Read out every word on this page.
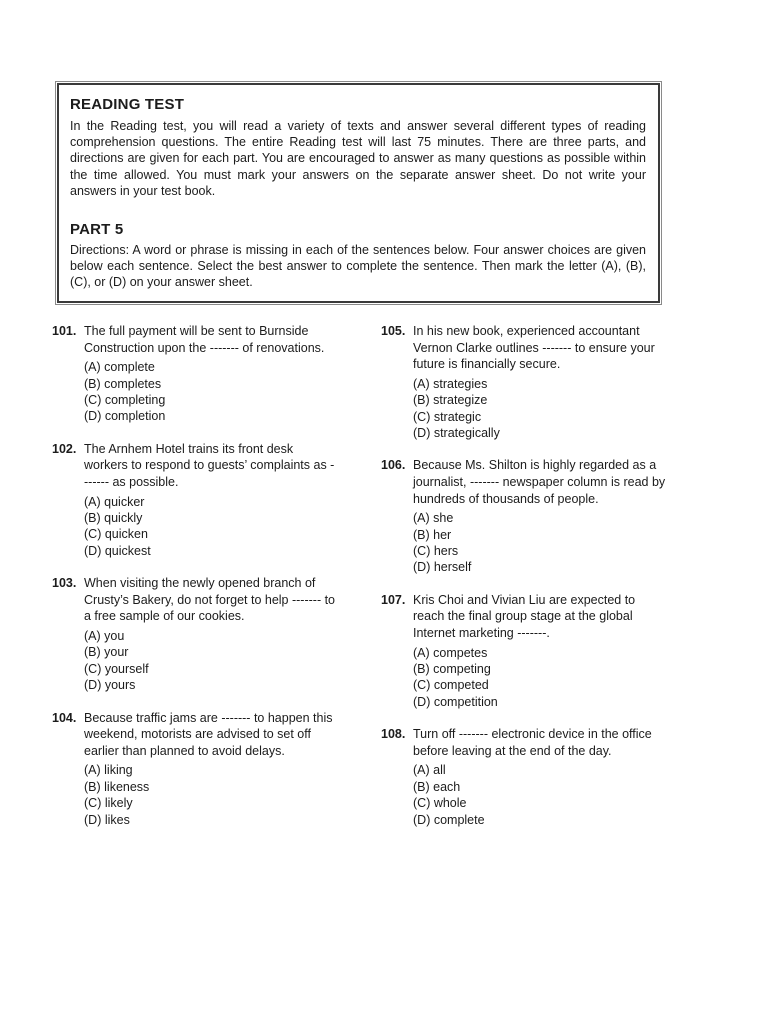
READING TEST

In the Reading test, you will read a variety of texts and answer several different types of reading comprehension questions. The entire Reading test will last 75 minutes. There are three parts, and directions are given for each part. You are encouraged to answer as many questions as possible within the time allowed. You must mark your answers on the separate answer sheet. Do not write your answers in your test book.

PART 5

Directions: A word or phrase is missing in each of the sentences below. Four answer choices are given below each sentence. Select the best answer to complete the sentence. Then mark the letter (A), (B), (C), or (D) on your answer sheet.

101. The full payment will be sent to Burnside Construction upon the ------- of renovations.
(A) complete
(B) completes
(C) completing
(D) completion
102. The Arnhem Hotel trains its front desk workers to respond to guests’ complaints as ------- as possible.
(A) quicker
(B) quickly
(C) quicken
(D) quickest
103. When visiting the newly opened branch of Crusty’s Bakery, do not forget to help ------- to a free sample of our cookies.
(A) you
(B) your
(C) yourself
(D) yours
104. Because traffic jams are ------- to happen this weekend, motorists are advised to set off earlier than planned to avoid delays.
(A) liking
(B) likeness
(C) likely
(D) likes
105. In his new book, experienced accountant Vernon Clarke outlines ------- to ensure your future is financially secure.
(A) strategies
(B) strategize
(C) strategic
(D) strategically
106. Because Ms. Shilton is highly regarded as a journalist, ------- newspaper column is read by hundreds of thousands of people.
(A) she
(B) her
(C) hers
(D) herself
107. Kris Choi and Vivian Liu are expected to reach the final group stage at the global Internet marketing -------.
(A) competes
(B) competing
(C) competed
(D) competition
108. Turn off ------- electronic device in the office before leaving at the end of the day.
(A) all
(B) each
(C) whole
(D) complete
